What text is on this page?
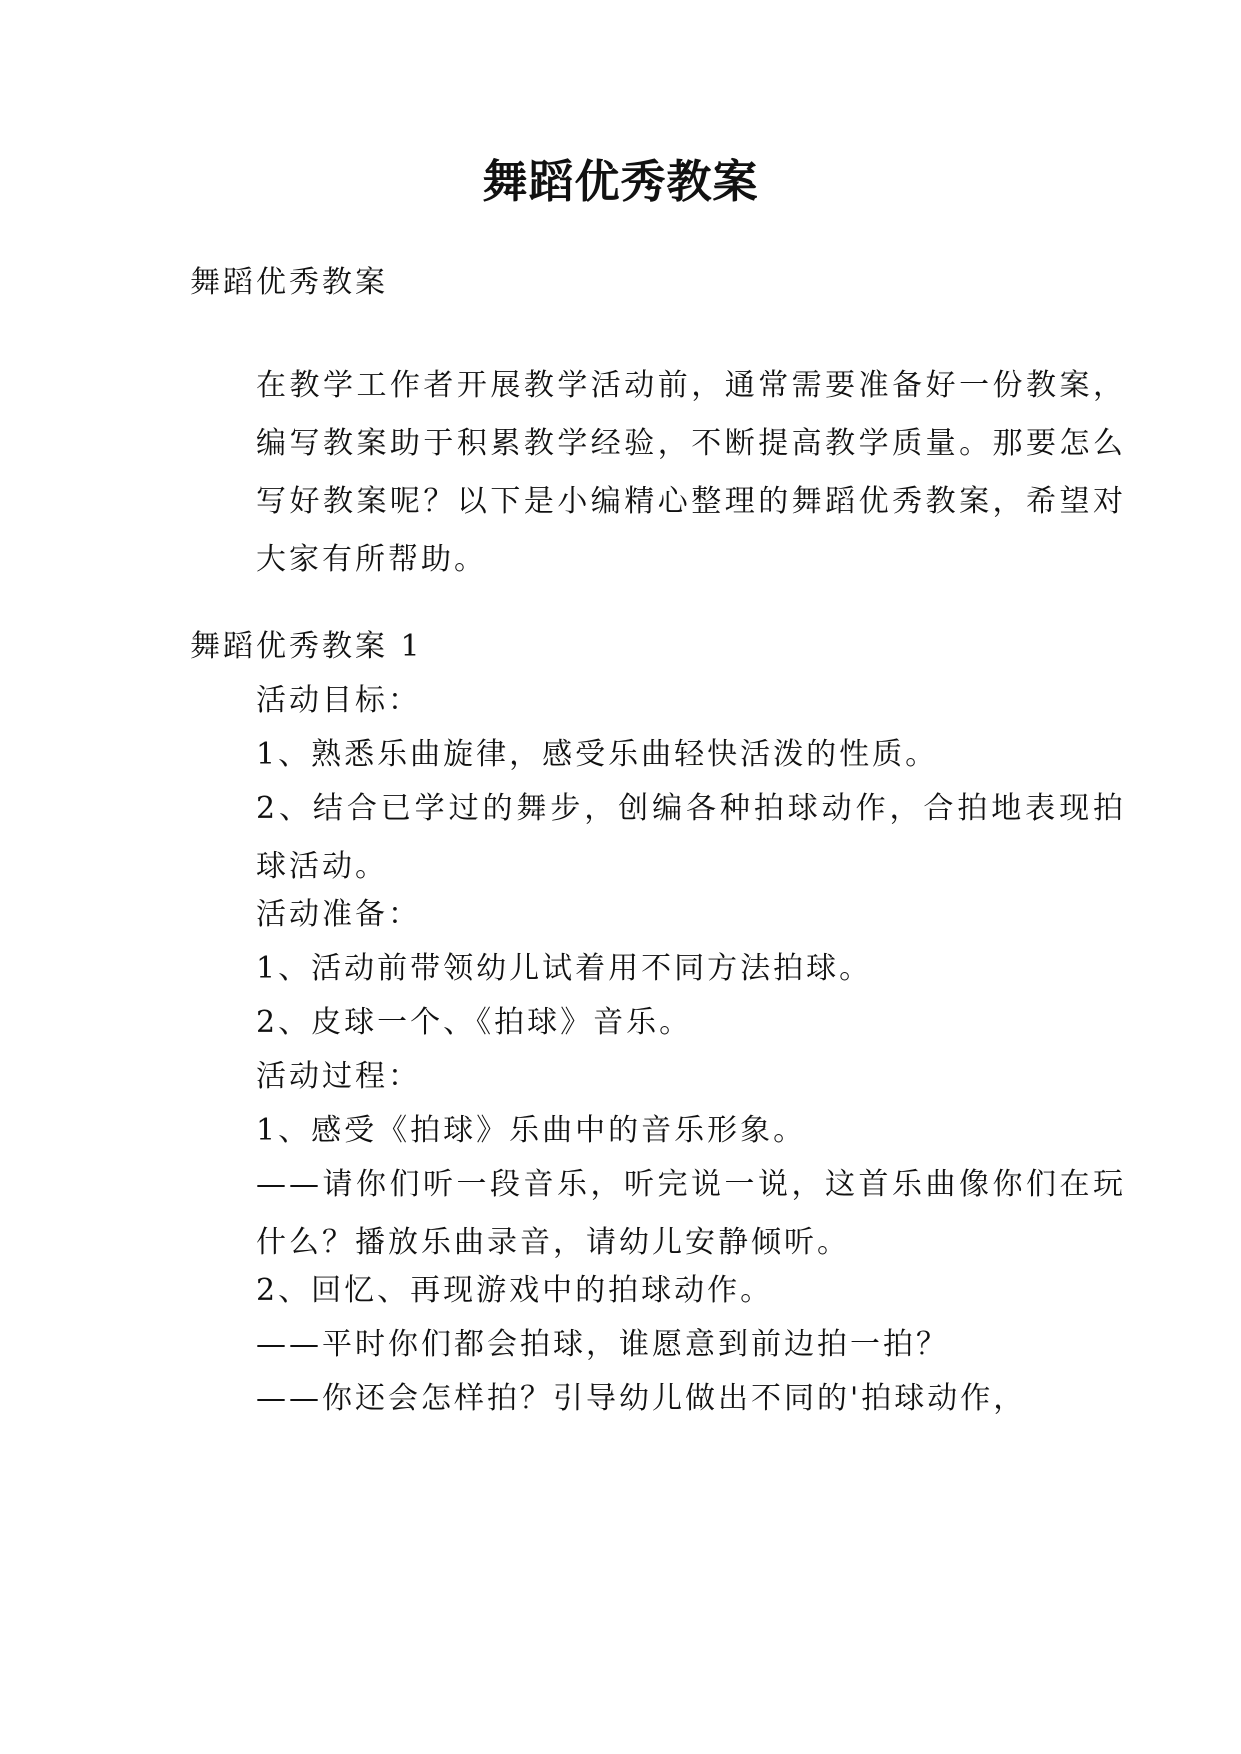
舞蹈优秀教案

舞蹈优秀教案

在教学工作者开展教学活动前，通常需要准备好一份教案，编写教案助于积累教学经验，不断提高教学质量。那要怎么写好教案呢？以下是小编精心整理的舞蹈优秀教案，希望对大家有所帮助。

舞蹈优秀教案 1

活动目标：

1、熟悉乐曲旋律，感受乐曲轻快活泼的性质。

2、结合已学过的舞步，创编各种拍球动作，合拍地表现拍球活动。

活动准备：

1、活动前带领幼儿试着用不同方法拍球。

2、皮球一个、《拍球》音乐。

活动过程：

1、感受《拍球》乐曲中的音乐形象。

——请你们听一段音乐，听完说一说，这首乐曲像你们在玩什么？播放乐曲录音，请幼儿安静倾听。

2、回忆、再现游戏中的拍球动作。

——平时你们都会拍球，谁愿意到前边拍一拍？

——你还会怎样拍？引导幼儿做出不同的'拍球动作，
